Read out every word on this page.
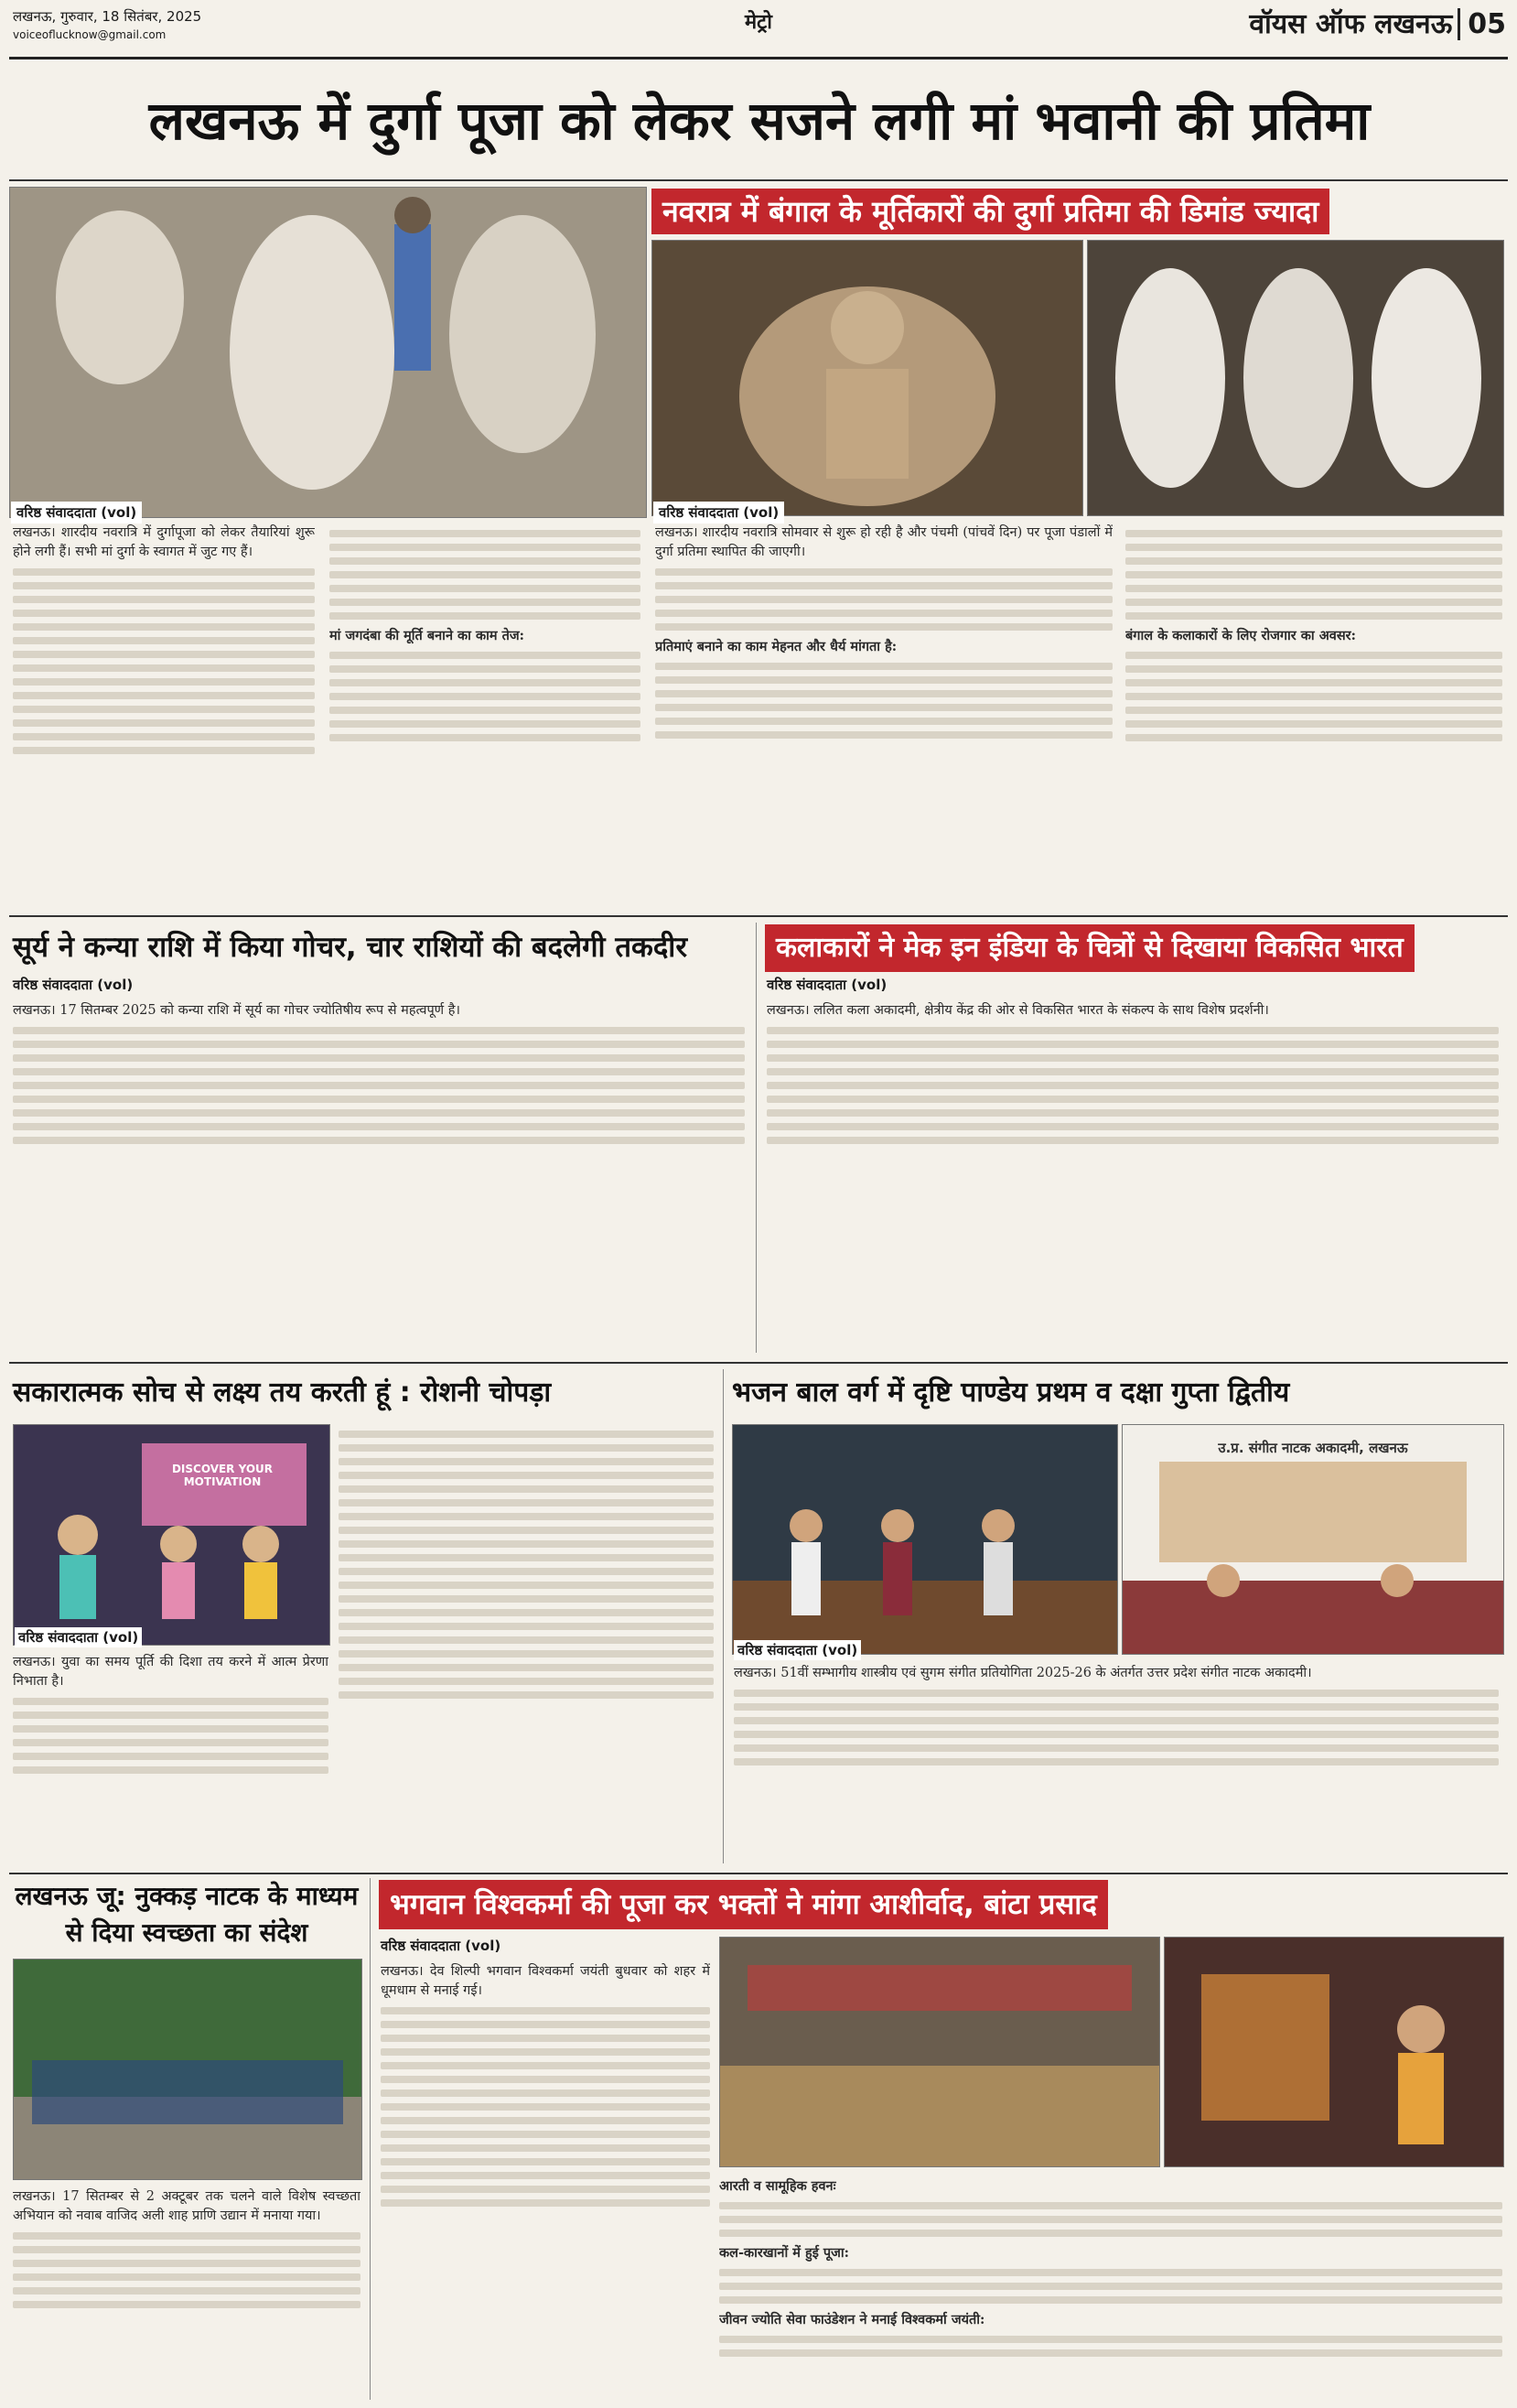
लखनऊ, गुरुवार, 18 सितंबर, 2025
voiceoflucknow@gmail.com
मेट्रो	वॉयस ऑफ लखनऊ 05
लखनऊ में दुर्गा पूजा को लेकर सजने लगी मां भवानी की प्रतिमा
वरिष्ठ संवाददाता (vol)
नवरात्र में बंगाल के मूर्तिकारों की दुर्गा प्रतिमा की डिमांड ज्यादा
वरिष्ठ संवाददाता (vol)
लखनऊ। शारदीय नवरात्रि में दुर्गापूजा को लेकर तैयारियां शुरू होने लगी हैं। सभी मां दुर्गा के स्वागत में जुट गए हैं।
मां जगदंबा की मूर्ति बनाने का काम तेज:
लखनऊ। शारदीय नवरात्रि सोमवार से शुरू हो रही है और पंचमी (पांचवें दिन) पर पूजा पंडालों में दुर्गा प्रतिमा स्थापित की जाएगी।
प्रतिमाएं बनाने का काम मेहनत और धैर्य मांगता है:
बंगाल के कलाकारों के लिए रोजगार का अवसर:
सूर्य ने कन्या राशि में किया गोचर, चार राशियों की बदलेगी तकदीर
वरिष्ठ संवाददाता (vol)
लखनऊ। 17 सितम्बर 2025 को कन्या राशि में सूर्य का गोचर ज्योतिषीय रूप से महत्वपूर्ण है।
कलाकारों ने मेक इन इंडिया के चित्रों से दिखाया विकसित भारत
वरिष्ठ संवाददाता (vol)
लखनऊ। ललित कला अकादमी, क्षेत्रीय केंद्र की ओर से विकसित भारत के संकल्प के साथ विशेष प्रदर्शनी।
सकारात्मक सोच से लक्ष्य तय करती हूं : रोशनी चोपड़ा
DISCOVER YOUR MOTIVATION
वरिष्ठ संवाददाता (vol)
लखनऊ। युवा का समय पूर्ति की दिशा तय करने में आत्म प्रेरणा निभाता है।
भजन बाल वर्ग में दृष्टि पाण्डेय प्रथम व दक्षा गुप्ता द्वितीय
उ.प्र. संगीत नाटक अकादमी, लखनऊ
वरिष्ठ संवाददाता (vol)
लखनऊ। 51वीं सम्भागीय शास्त्रीय एवं सुगम संगीत प्रतियोगिता 2025-26 के अंतर्गत उत्तर प्रदेश संगीत नाटक अकादमी।
लखनऊ जू: नुक्कड़ नाटक के माध्यम से दिया स्वच्छता का संदेश
लखनऊ। 17 सितम्बर से 2 अक्टूबर तक चलने वाले विशेष स्वच्छता अभियान को नवाब वाजिद अली शाह प्राणि उद्यान में मनाया गया।
भगवान विश्वकर्मा की पूजा कर भक्तों ने मांगा आशीर्वाद, बांटा प्रसाद
वरिष्ठ संवाददाता (vol)
लखनऊ। देव शिल्पी भगवान विश्वकर्मा जयंती बुधवार को शहर में धूमधाम से मनाई गई।
आरती व सामूहिक हवनः
कल-कारखानों में हुई पूजा:
जीवन ज्योति सेवा फाउंडेशन ने मनाई विश्वकर्मा जयंती:
